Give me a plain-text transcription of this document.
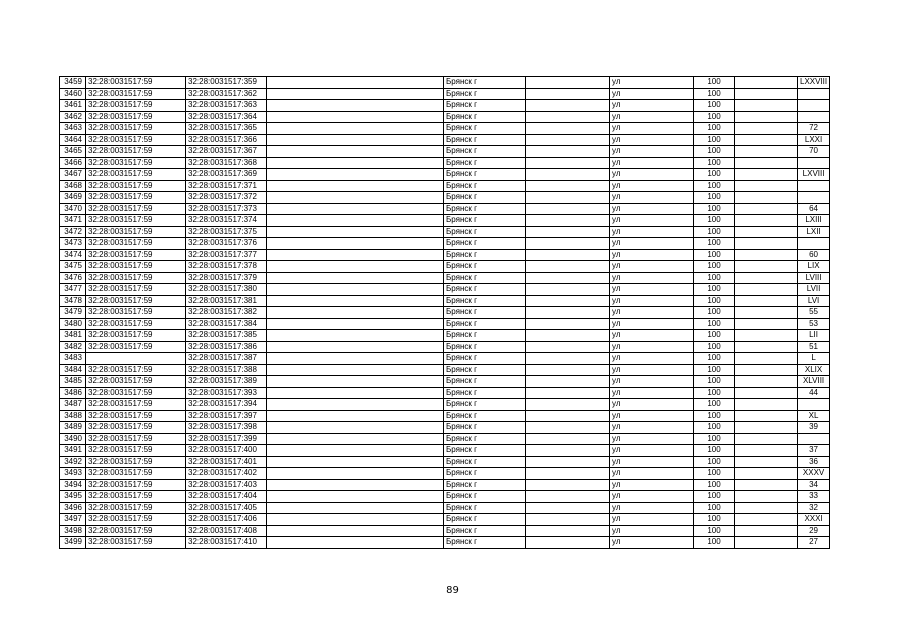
3459	32:28:0031517:59	32:28:0031517:359		Брянск г		ул	100		LXXVIII
3460	32:28:0031517:59	32:28:0031517:362		Брянск г		ул	100		
3461	32:28:0031517:59	32:28:0031517:363		Брянск г		ул	100		
3462	32:28:0031517:59	32:28:0031517:364		Брянск г		ул	100		
3463	32:28:0031517:59	32:28:0031517:365		Брянск г		ул	100		72
3464	32:28:0031517:59	32:28:0031517:366		Брянск г		ул	100		LXXI
3465	32:28:0031517:59	32:28:0031517:367		Брянск г		ул	100		70
3466	32:28:0031517:59	32:28:0031517:368		Брянск г		ул	100		
3467	32:28:0031517:59	32:28:0031517:369		Брянск г		ул	100		LXVIII
3468	32:28:0031517:59	32:28:0031517:371		Брянск г		ул	100		
3469	32:28:0031517:59	32:28:0031517:372		Брянск г		ул	100		
3470	32:28:0031517:59	32:28:0031517:373		Брянск г		ул	100		64
3471	32:28:0031517:59	32:28:0031517:374		Брянск г		ул	100		LXIII
3472	32:28:0031517:59	32:28:0031517:375		Брянск г		ул	100		LXII
3473	32:28:0031517:59	32:28:0031517:376		Брянск г		ул	100		
3474	32:28:0031517:59	32:28:0031517:377		Брянск г		ул	100		60
3475	32:28:0031517:59	32:28:0031517:378		Брянск г		ул	100		LIX
3476	32:28:0031517:59	32:28:0031517:379		Брянск г		ул	100		LVIII
3477	32:28:0031517:59	32:28:0031517:380		Брянск г		ул	100		LVII
3478	32:28:0031517:59	32:28:0031517:381		Брянск г		ул	100		LVI
3479	32:28:0031517:59	32:28:0031517:382		Брянск г		ул	100		55
3480	32:28:0031517:59	32:28:0031517:384		Брянск г		ул	100		53
3481	32:28:0031517:59	32:28:0031517:385		Брянск г		ул	100		LII
3482	32:28:0031517:59	32:28:0031517:386		Брянск г		ул	100		51
3483		32:28:0031517:387		Брянск г		ул	100		L
3484	32:28:0031517:59	32:28:0031517:388		Брянск г		ул	100		XLIX
3485	32:28:0031517:59	32:28:0031517:389		Брянск г		ул	100		XLVIII
3486	32:28:0031517:59	32:28:0031517:393		Брянск г		ул	100		44
3487	32:28:0031517:59	32:28:0031517:394		Брянск г		ул	100		
3488	32:28:0031517:59	32:28:0031517:397		Брянск г		ул	100		XL
3489	32:28:0031517:59	32:28:0031517:398		Брянск г		ул	100		39
3490	32:28:0031517:59	32:28:0031517:399		Брянск г		ул	100		
3491	32:28:0031517:59	32:28:0031517:400		Брянск г		ул	100		37
3492	32:28:0031517:59	32:28:0031517:401		Брянск г		ул	100		36
3493	32:28:0031517:59	32:28:0031517:402		Брянск г		ул	100		XXXV
3494	32:28:0031517:59	32:28:0031517:403		Брянск г		ул	100		34
3495	32:28:0031517:59	32:28:0031517:404		Брянск г		ул	100		33
3496	32:28:0031517:59	32:28:0031517:405		Брянск г		ул	100		32
3497	32:28:0031517:59	32:28:0031517:406		Брянск г		ул	100		XXXI
3498	32:28:0031517:59	32:28:0031517:408		Брянск г		ул	100		29
3499	32:28:0031517:59	32:28:0031517:410		Брянск г		ул	100		27
89
